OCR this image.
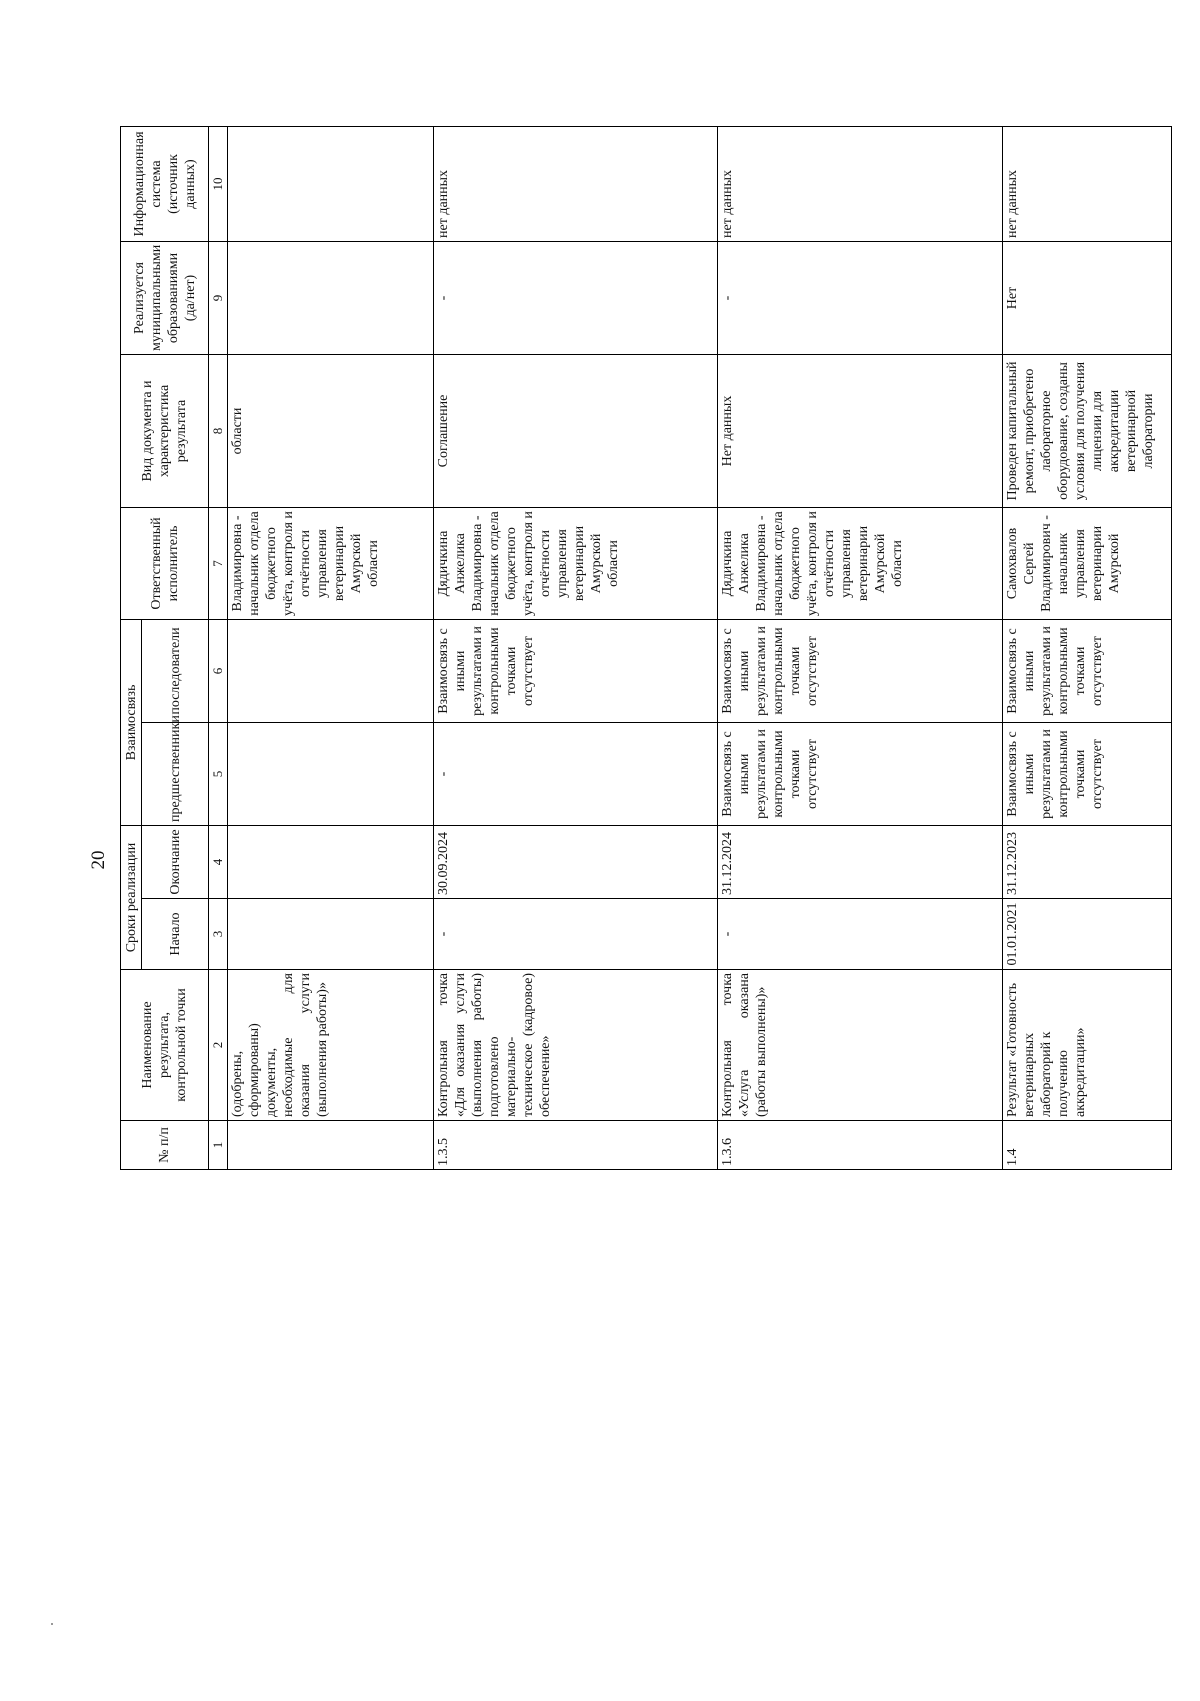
20
№ п/п	Наименование результата, контрольной точки	Сроки реализации		Взаимосвязь		Ответственный исполнитель	Вид документа и характеристика результата	Реализуется муниципальными образованиями (да/нет)	Информационная система (источник данных)
		Начало	Окончание	предшественники	последователи				
1	2	3	4	5	6	7	8	9	10
	(одобрены, сформированы) документы, необходимые для оказания услуги (выполнения работы)»					Владимировна - начальник отдела бюджетного учёта, контроля и отчётности управления ветеринарии Амурской области	области		
1.3.5	Контрольная точка «Для оказания услуги (выполнения работы) подготовлено материально-техническое (кадровое) обеспечение»	-	30.09.2024	-	Взаимосвязь с иными результатами и контрольными точками отсутствует	Дядичкина Анжелика Владимировна - начальник отдела бюджетного учёта, контроля и отчётности управления ветеринарии Амурской области	Соглашение	-	нет данных
1.3.6	Контрольная точка «Услуга оказана (работы выполнены)»	-	31.12.2024	Взаимосвязь с иными результатами и контрольными точками отсутствует	Взаимосвязь с иными результатами и контрольными точками отсутствует	Дядичкина Анжелика Владимировна - начальник отдела бюджетного учёта, контроля и отчётности управления ветеринарии Амурской области	Нет данных	-	нет данных
1.4	Результат «Готовность ветеринарных лабораторий к получению аккредитации»	01.01.2021	31.12.2023	Взаимосвязь с иными результатами и контрольными точками отсутствует	Взаимосвязь с иными результатами и контрольными точками отсутствует	Самохвалов Сергей Владимирович - начальник управления ветеринарии Амурской	Проведен капитальный ремонт, приобретено лабораторное оборудование, созданы условия для получения лицензии для аккредитации ветеринарной лаборатории	Нет	нет данных
